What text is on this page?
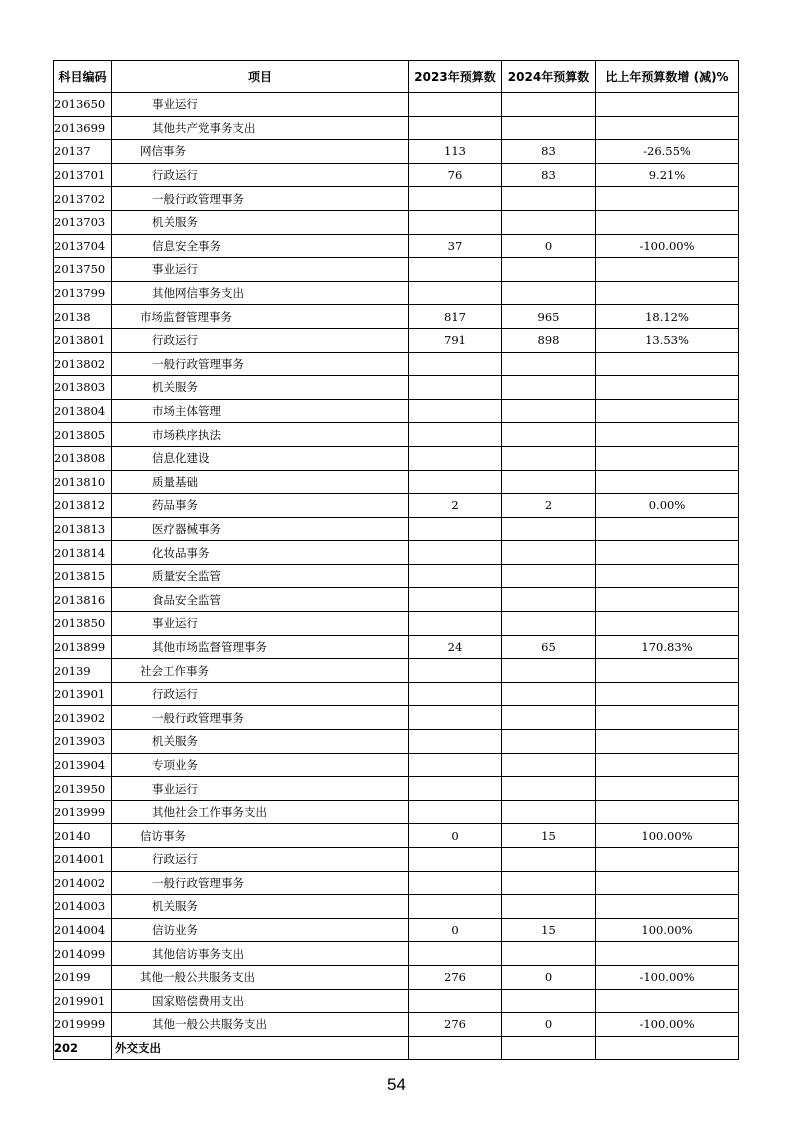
科目编码	项目	2023年预算数	2024年预算数	比上年预算数增 (减)%
2013650	事业运行			
2013699	其他共产党事务支出			
20137	网信事务	113	83	-26.55%
2013701	行政运行	76	83	9.21%
2013702	一般行政管理事务			
2013703	机关服务			
2013704	信息安全事务	37	0	-100.00%
2013750	事业运行			
2013799	其他网信事务支出			
20138	市场监督管理事务	817	965	18.12%
2013801	行政运行	791	898	13.53%
2013802	一般行政管理事务			
2013803	机关服务			
2013804	市场主体管理			
2013805	市场秩序执法			
2013808	信息化建设			
2013810	质量基础			
2013812	药品事务	2	2	0.00%
2013813	医疗器械事务			
2013814	化妆品事务			
2013815	质量安全监管			
2013816	食品安全监管			
2013850	事业运行			
2013899	其他市场监督管理事务	24	65	170.83%
20139	社会工作事务			
2013901	行政运行			
2013902	一般行政管理事务			
2013903	机关服务			
2013904	专项业务			
2013950	事业运行			
2013999	其他社会工作事务支出			
20140	信访事务	0	15	100.00%
2014001	行政运行			
2014002	一般行政管理事务			
2014003	机关服务			
2014004	信访业务	0	15	100.00%
2014099	其他信访事务支出			
20199	其他一般公共服务支出	276	0	-100.00%
2019901	国家赔偿费用支出			
2019999	其他一般公共服务支出	276	0	-100.00%
202	外交支出			
54
